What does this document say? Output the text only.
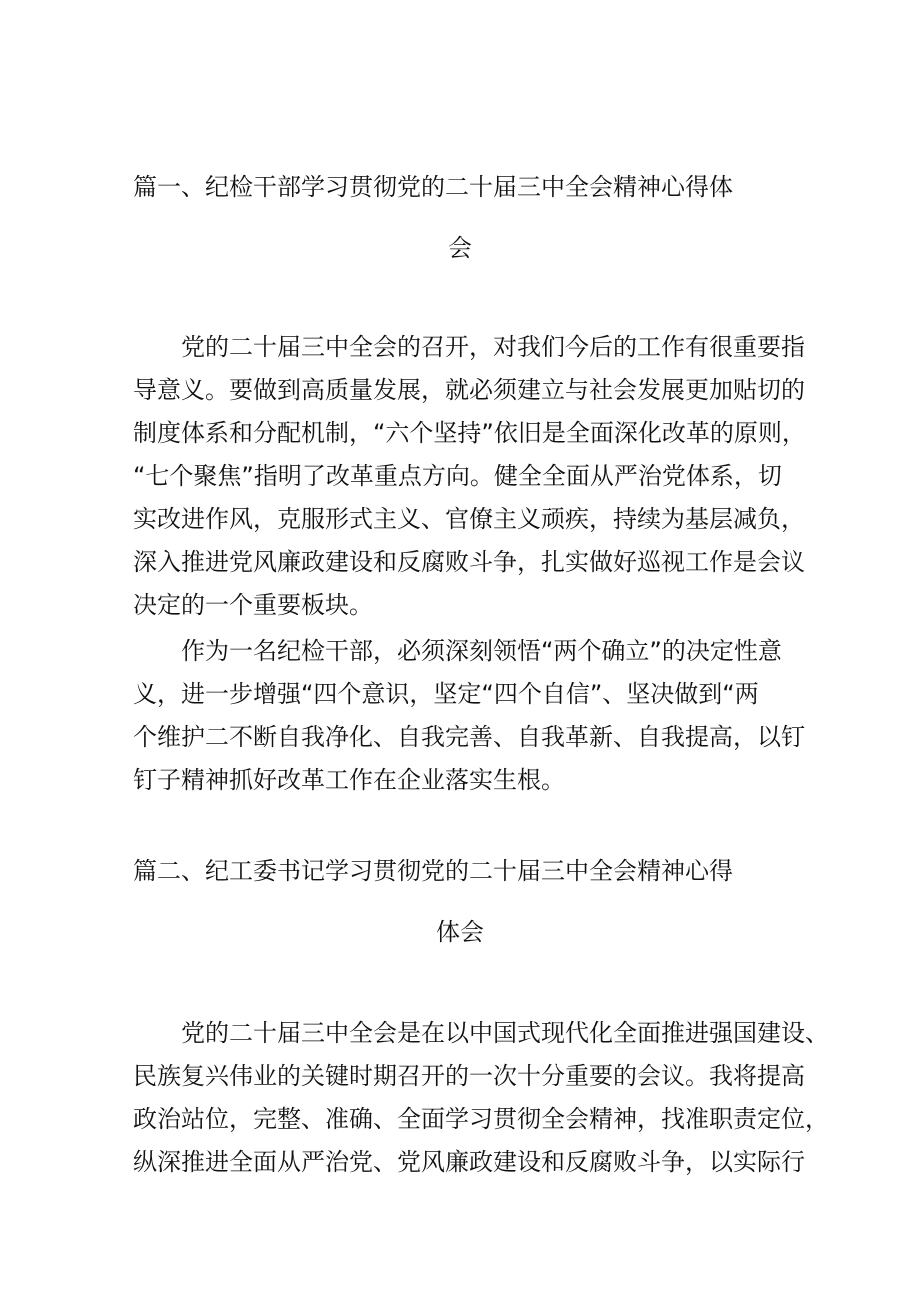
篇一、纪检干部学习贯彻党的二十届三中全会精神心得体
会
党的二十届三中全会的召开，对我们今后的工作有很重要指
导意义。要做到高质量发展，就必须建立与社会发展更加贴切的
制度体系和分配机制，“六个坚持”依旧是全面深化改革的原则，
“七个聚焦”指明了改革重点方向。健全全面从严治党体系，切
实改进作风，克服形式主义、官僚主义顽疾，持续为基层减负，
深入推进党风廉政建设和反腐败斗争，扎实做好巡视工作是会议
决定的一个重要板块。
作为一名纪检干部，必须深刻领悟“两个确立”的决定性意
义，进一步增强“四个意识，坚定“四个自信”、坚决做到“两
个维护二不断自我净化、自我完善、自我革新、自我提高，以钉
钉子精神抓好改革工作在企业落实生根。
篇二、纪工委书记学习贯彻党的二十届三中全会精神心得
体会
党的二十届三中全会是在以中国式现代化全面推进强国建设、
民族复兴伟业的关键时期召开的一次十分重要的会议。我将提高
政治站位，完整、准确、全面学习贯彻全会精神，找准职责定位，
纵深推进全面从严治党、党风廉政建设和反腐败斗争，以实际行
